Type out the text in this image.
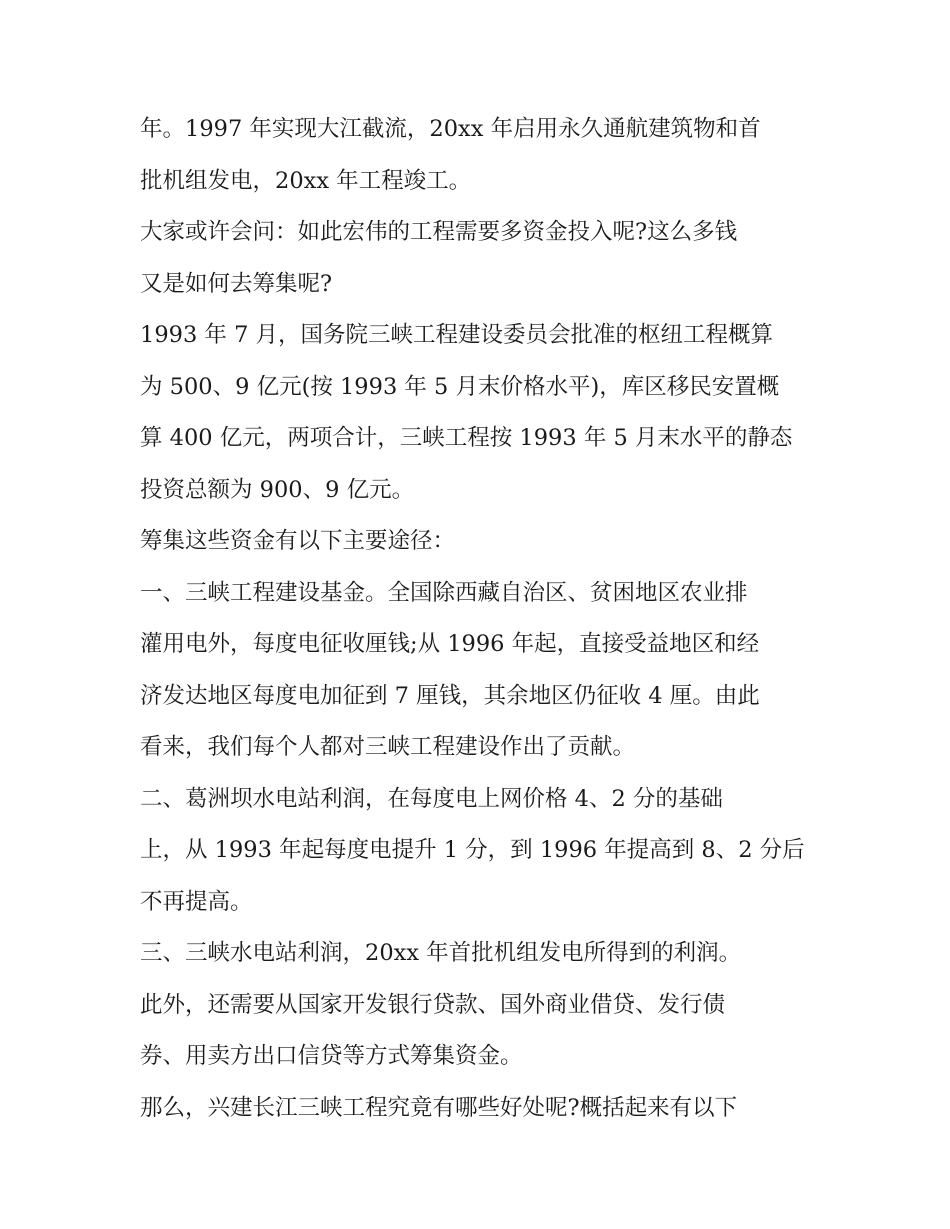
年。1997 年实现大江截流，20xx 年启用永久通航建筑物和首
批机组发电，20xx 年工程竣工。
大家或许会问：如此宏伟的工程需要多资金投入呢?这么多钱
又是如何去筹集呢?
1993 年 7 月，国务院三峡工程建设委员会批准的枢纽工程概算
为 500、9 亿元(按 1993 年 5 月末价格水平)，库区移民安置概
算 400 亿元，两项合计，三峡工程按 1993 年 5 月末水平的静态
投资总额为 900、9 亿元。
筹集这些资金有以下主要途径：
一、三峡工程建设基金。全国除西藏自治区、贫困地区农业排
灌用电外，每度电征收厘钱;从 1996 年起，直接受益地区和经
济发达地区每度电加征到 7 厘钱，其余地区仍征收 4 厘。由此
看来，我们每个人都对三峡工程建设作出了贡献。
二、葛洲坝水电站利润，在每度电上网价格 4、2 分的基础
上，从 1993 年起每度电提升 1 分，到 1996 年提高到 8、2 分后
不再提高。
三、三峡水电站利润，20xx 年首批机组发电所得到的利润。
此外，还需要从国家开发银行贷款、国外商业借贷、发行债
券、用卖方出口信贷等方式筹集资金。
那么，兴建长江三峡工程究竟有哪些好处呢?概括起来有以下
